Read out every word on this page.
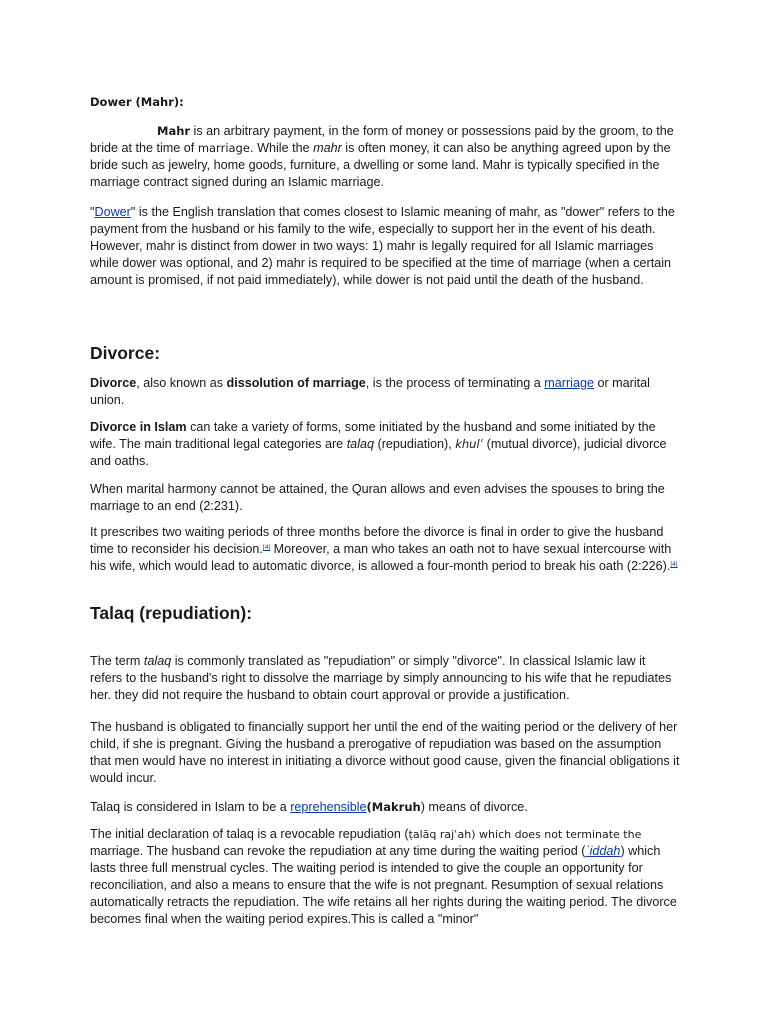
Dower (Mahr):

Mahr is an arbitrary payment, in the form of money or possessions paid by the groom, to the bride at the time of marriage. While the mahr is often money, it can also be anything agreed upon by the bride such as jewelry, home goods, furniture, a dwelling or some land. Mahr is typically specified in the marriage contract signed during an Islamic marriage.

"Dower" is the English translation that comes closest to Islamic meaning of mahr, as "dower" refers to the payment from the husband or his family to the wife, especially to support her in the event of his death. However, mahr is distinct from dower in two ways: 1) mahr is legally required for all Islamic marriages while dower was optional, and 2) mahr is required to be specified at the time of marriage (when a certain amount is promised, if not paid immediately), while dower is not paid until the death of the husband.

Divorce:

Divorce, also known as dissolution of marriage, is the process of terminating a marriage or marital union.

Divorce in Islam can take a variety of forms, some initiated by the husband and some initiated by the wife. The main traditional legal categories are talaq (repudiation), khulʿ (mutual divorce), judicial divorce and oaths.

When marital harmony cannot be attained, the Quran allows and even advises the spouses to bring the marriage to an end (2:231).

It prescribes two waiting periods of three months before the divorce is final in order to give the husband time to reconsider his decision.[4] Moreover, a man who takes an oath not to have sexual intercourse with his wife, which would lead to automatic divorce, is allowed a four-month period to break his oath (2:226).[4]

Talaq (repudiation):

The term talaq is commonly translated as "repudiation" or simply "divorce". In classical Islamic law it refers to the husband's right to dissolve the marriage by simply announcing to his wife that he repudiates her. they did not require the husband to obtain court approval or provide a justification.

The husband is obligated to financially support her until the end of the waiting period or the delivery of her child, if she is pregnant. Giving the husband a prerogative of repudiation was based on the assumption that men would have no interest in initiating a divorce without good cause, given the financial obligations it would incur.

Talaq is considered in Islam to be a reprehensible(Makruh) means of divorce.

The initial declaration of talaq is a revocable repudiation (ṭalāq rajʿah) which does not terminate the marriage. The husband can revoke the repudiation at any time during the waiting period (ʿiddah) which lasts three full menstrual cycles. The waiting period is intended to give the couple an opportunity for reconciliation, and also a means to ensure that the wife is not pregnant. Resumption of sexual relations automatically retracts the repudiation. The wife retains all her rights during the waiting period. The divorce becomes final when the waiting period expires.This is called a "minor"
